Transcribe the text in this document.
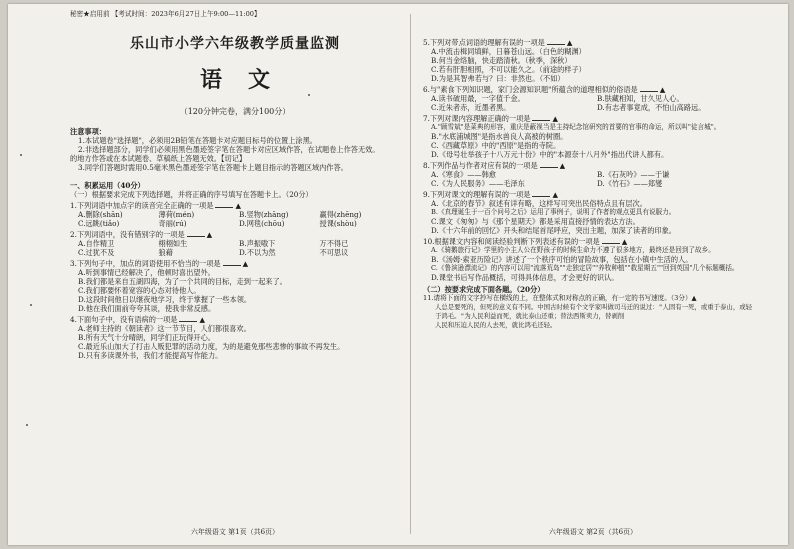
秘密★启用前 【考试时间：2023年6月27日上午9:00—11:00】
乐山市小学六年级教学质量监测
语文
（120分钟完卷，满分100分）
注意事项：
1.本试题卷"选择题"，必须用2B铅笔在答题卡对应题目标号的位置上涂黑。
2.非选择题部分，同学们必须用黑色墨迹签字笔在答题卡对应区域作答，在试题卷上作答无效。
的地方作答或在本试题卷、草稿纸上答题无效。【切记】
3.同学们答题时需用0.5毫米黑色墨迹签字笔在答题卡上题目指示的答题区域内作答。
一、积累运用（40分）
（一）根据要求完成下列选择题，并将正确的序号填写在答题卡上。（20分）
1.下列词语中加点字的读音完全正确的一项是	▲
A.删除(shān)	薄荷(mén)	B.竖物(zhāng)	赢得(zhēng)
C.远眺(tiǎo)	奇丽(rú)	D.网毯(chōu)	授课(shòu)
2.下列词语中，没有错别字的一项是	▲
A.自作精卫	栩栩如生	B.声振嗷下	万不得已
C.过犹不及	狼藉	D.不以为然	不可思议
3.下列句子中，加点的词语使用不恰当的一项是	▲
A.听到事情已经解决了，他顿时喜出望外。
B.我们都是来自五湖四海，为了一个共同的目标，走到一起来了。
C.我们都要怀着宽容的心态对待他人。
D.这段时间他日以继夜地学习，终于掌握了一些本领。
D.他在我们面前夸夸其谈，使我非常反感。
4.下面句子中，没有语病的一项是	▲
A.老师主持的《朝读者》这一节节目，人们都很喜欢。
B.所有天气十分晴朗，同学们正玩得开心。
C.最近乐山加大了打击人贩犯罪的活动力度，为的是避免那些悲惨的事故不再发生。
D.只有多读课外书，我们才能提高写作能力。
六年级语文 第1页（共6页）
5.下列对带点词语的理解有误的一项是	▲
A.中流击楫同填鲜，日暮苍山远。（白色的糊渊）
B.何当金络脑，快走踏清秋。（秋季，深秋）
C.若有肝胆相照，不可以能久之。（前途的样子）
D.为是其智弗若与？曰：非然也。（不如）
6.与"素食下列知识题，家门会源知识题"所蕴含的道理相似的俗语是	▲
A.读书破用最，一字值千金。	B.肤藏相知，甘久见人心。
C.近朱者赤，近墨者黑。	D.有志者事竟成，不怕山高路远。
7.下列对课内容理解正确的一项是	▲
A."顾雪斌"是菜典的形容，重庆是蔽视当是主持纪念馆研究的首要的官事的命运，所以叫"徒言城"。
B."水底浦城图"是指水兽良人高被的树圈。
C.《西藏草原》中的"西原"是指的寺院。
D.《母号壮举孩子十八万元十份》中的"本源奈十八月外"指出代讲人都有。
8.下列作品与作者对应有误的一项是	▲
A.《寒食》——韩愈	B.《石灰吟》——于谦
C.《为人民服务》——毛泽东	D.《竹石》——郑燮
9.下列对课文的理解有误的一项是	▲
A.《北京的春节》叙述有详有略，这样写可突出民俗特点且有层次。
B.《真理诞生于一百个问号之后》运用了事例子，说明了作者的观点更具有说服力。
C.课文《匆匆》与《那个星期天》都是采用直接抒情的表达方法。
D.《十六年前的回忆》开头和结尾首尾呼应，突出主题，加深了读者的印象。
10.根据课文内容和阅读经验判断下列表述有误的一项是	▲
A.《骑鹅旅行记》学里的小主人公在野孩子的时候生命力不遵了很多地方，最终还是回到了故乡。
B.《汤姆·索亚历险记》讲述了一个秩序可怕的冒险故事，包括在小镇中生活的人。
C.《鲁滨逊漂流记》的内容可以用"流落荒岛""走独定居""养牧种植""救星期五""回到英国"几个标题概括。
D.课堂书后写作品概括，可得具体信息，才会更好的识认。
（二）按要求完成下面各题。（20分）
11.请将下面的文字抄写在横线的上，在整体式和对称点的正确，有一定的书写速度。（3分）▲
人总是要死的，但死的意义有不同。中国古时候有个文学家叫做司马迁的说过："人固有一死，或重于泰山，或轻于鸿毛。"为人民利益而死，就比泰山还重；替法西斯卖力，替剥削
人民和压迫人民的人去死，就比鸿毛还轻。
六年级语文 第2页（共6页）
